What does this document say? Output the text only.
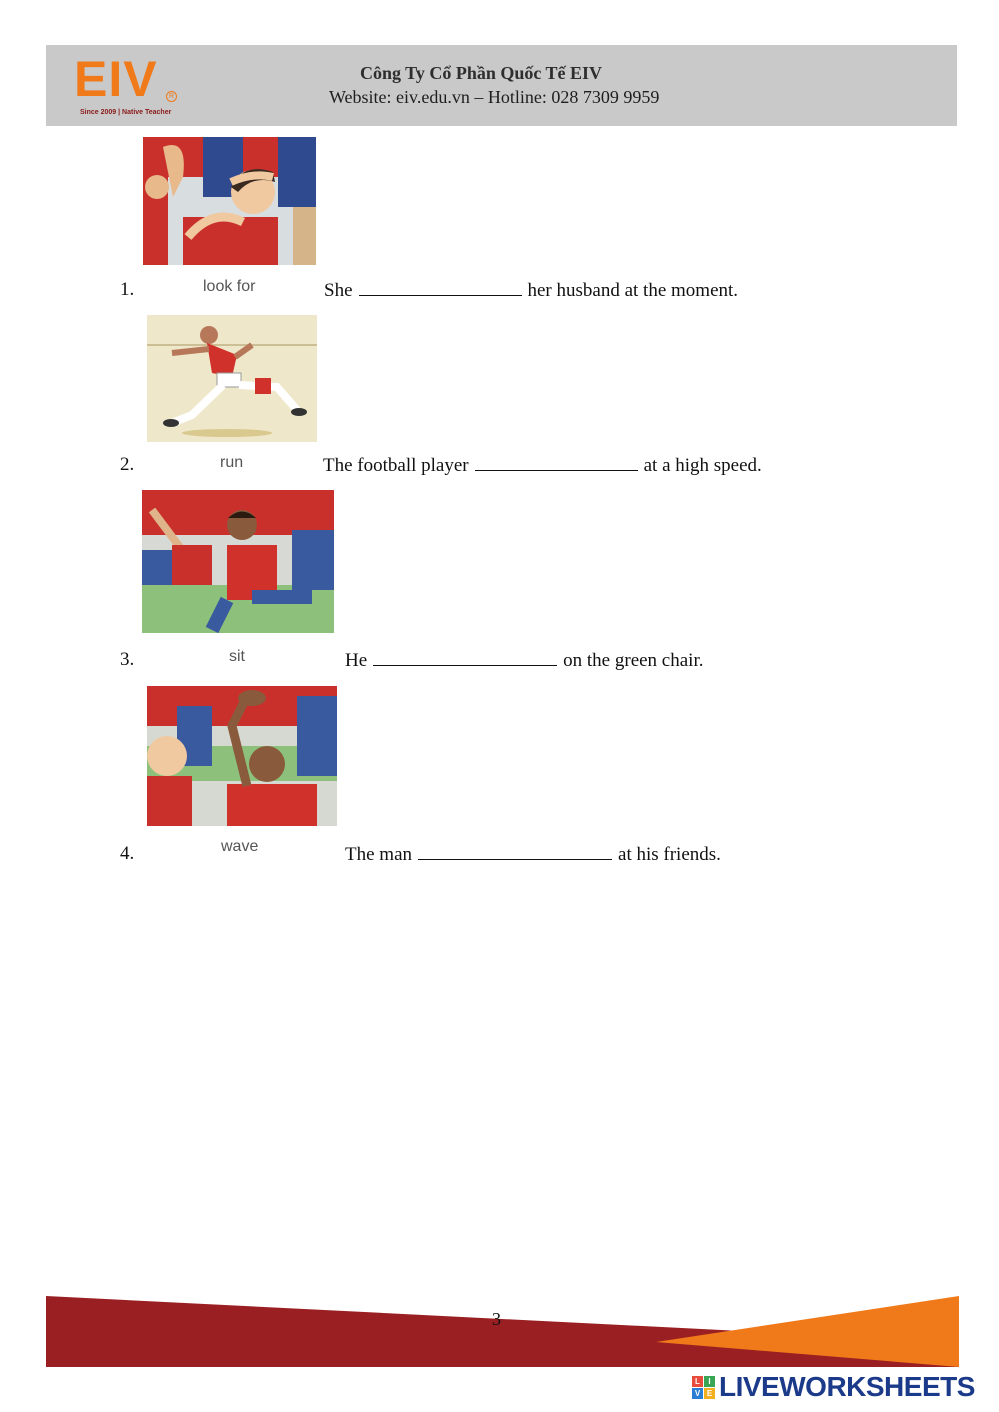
EIV	R
Since 2009 | Native Teacher
Công Ty Cổ Phần Quốc Tế EIV
Website: eiv.edu.vn – Hotline: 028 7309 9959
1.	look for	She	her husband at the moment.
2.	run	The football player	at a high speed.
3.	sit	He	on the green chair.
4.	wave	The man	at his friends.
3
L	I
V E LIVEWORKSHEETS
